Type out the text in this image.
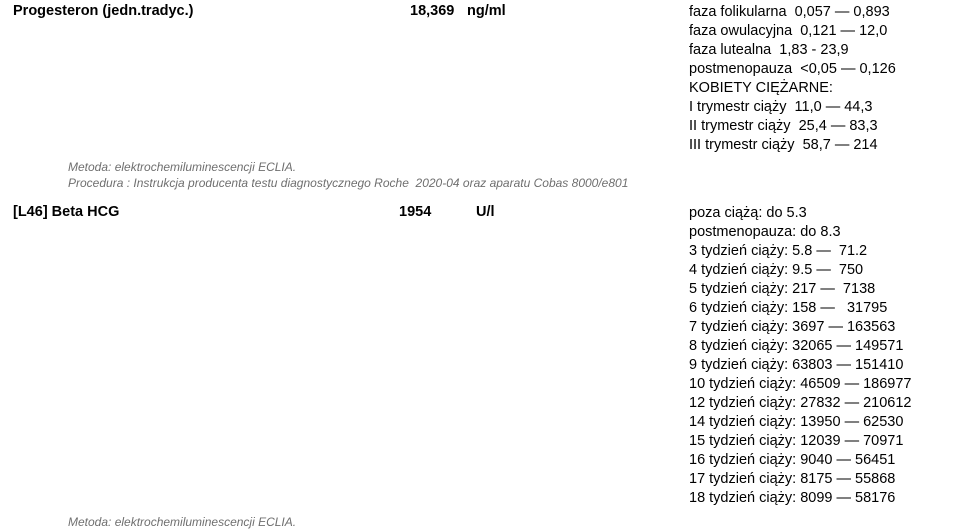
Progesteron (jedn.tradyc.)	18,369 ng/ml	faza folikularna  0,057 — 0,893
faza owulacyjna  0,121 — 12,0
faza lutealna  1,83 - 23,9
postmenopauza  <0,05 — 0,126
KOBIETY CIĘŻARNE:
I trymestr ciąży  11,0 — 44,3
II trymestr ciąży  25,4 — 83,3
III trymestr ciąży  58,7 — 214
Metoda: elektrochemiluminescencji ECLIA.
Procedura : Instrukcja producenta testu diagnostycznego Roche  2020-04 oraz aparatu Cobas 8000/e801
[L46] Beta HCG	1954	U/l	poza ciążą: do 5.3
postmenopauza: do 8.3
3 tydzień ciąży: 5.8 —  71.2
4 tydzień ciąży: 9.5 —  750
5 tydzień ciąży: 217 —  7138
6 tydzień ciąży: 158 —   31795
7 tydzień ciąży: 3697 — 163563
8 tydzień ciąży: 32065 — 149571
9 tydzień ciąży: 63803 — 151410
10 tydzień ciąży: 46509 — 186977
12 tydzień ciąży: 27832 — 210612
14 tydzień ciąży: 13950 — 62530
15 tydzień ciąży: 12039 — 70971
16 tydzień ciąży: 9040 — 56451
17 tydzień ciąży: 8175 — 55868
18 tydzień ciąży: 8099 — 58176
Metoda: elektrochemiluminescencji ECLIA.
